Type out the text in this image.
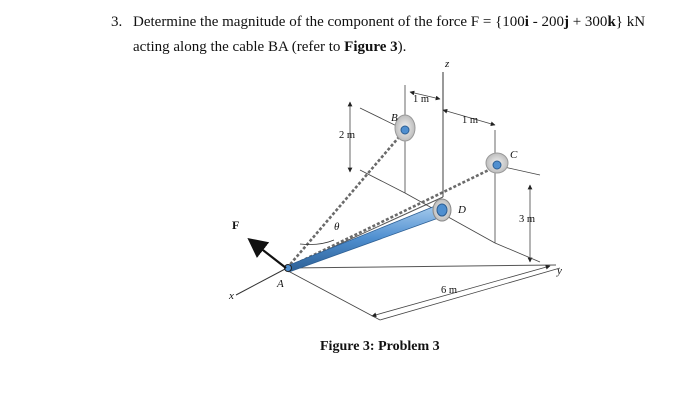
3. Determine the magnitude of the component of the force F = {100i - 200j + 300k} kN
acting along the cable BA (refer to Figure 3).
z
x
y
A
B
C
D
F	θ
1 m
1 m
2 m
3 m
6 m
Figure 3: Problem 3
